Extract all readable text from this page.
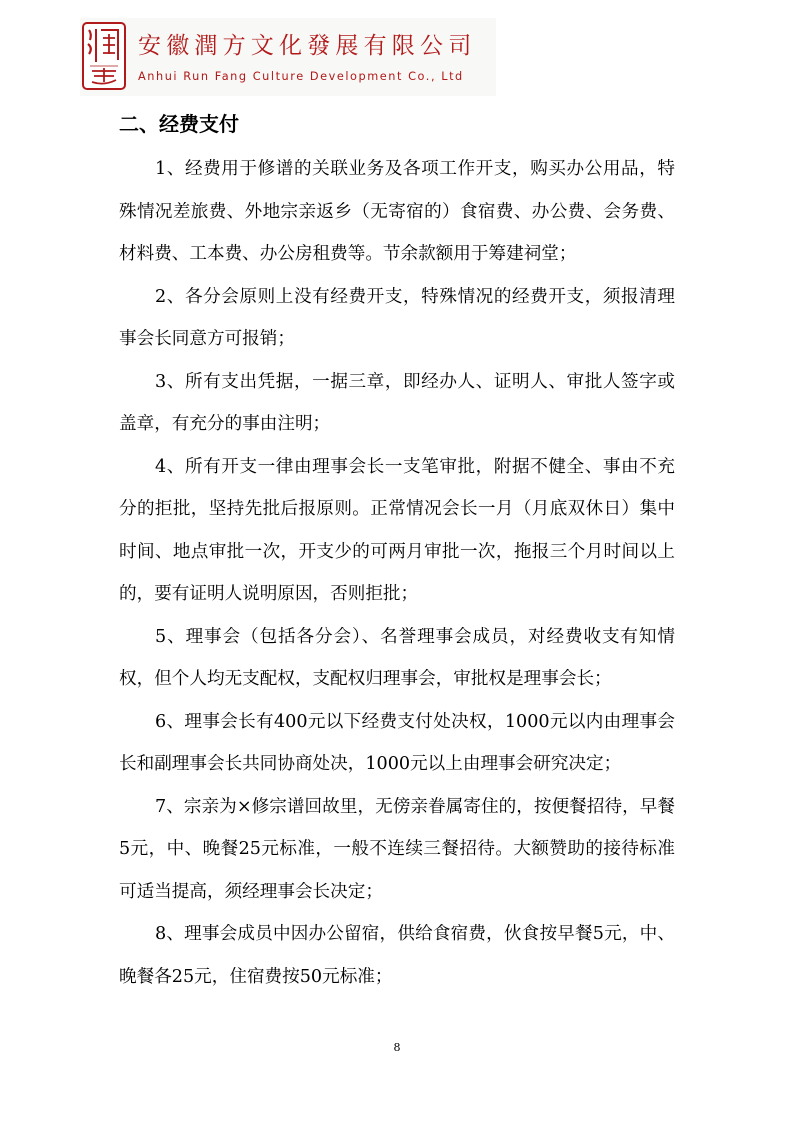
安徽潤方文化發展有限公司
Anhui Run Fang Culture Development Co., Ltd
二、经费支付

1、经费用于修谱的关联业务及各项工作开支，购买办公用品，特殊情况差旅费、外地宗亲返乡（无寄宿的）食宿费、办公费、会务费、材料费、工本费、办公房租费等。节余款额用于筹建祠堂；

2、各分会原则上没有经费开支，特殊情况的经费开支，须报清理事会长同意方可报销；

3、所有支出凭据，一据三章，即经办人、证明人、审批人签字或盖章，有充分的事由注明；

4、所有开支一律由理事会长一支笔审批，附据不健全、事由不充分的拒批，坚持先批后报原则。正常情况会长一月（月底双休日）集中时间、地点审批一次，开支少的可两月审批一次，拖报三个月时间以上的，要有证明人说明原因，否则拒批；

5、理事会（包括各分会）、名誉理事会成员，对经费收支有知情权，但个人均无支配权，支配权归理事会，审批权是理事会长；

6、理事会长有400元以下经费支付处决权，1000元以内由理事会长和副理事会长共同协商处决，1000元以上由理事会研究决定；

7、宗亲为×修宗谱回故里，无傍亲眷属寄住的，按便餐招待，早餐5元，中、晚餐25元标准，一般不连续三餐招待。大额赞助的接待标准可适当提高，须经理事会长决定；

8、理事会成员中因办公留宿，供给食宿费，伙食按早餐5元，中、晚餐各25元，住宿费按50元标准；

8
